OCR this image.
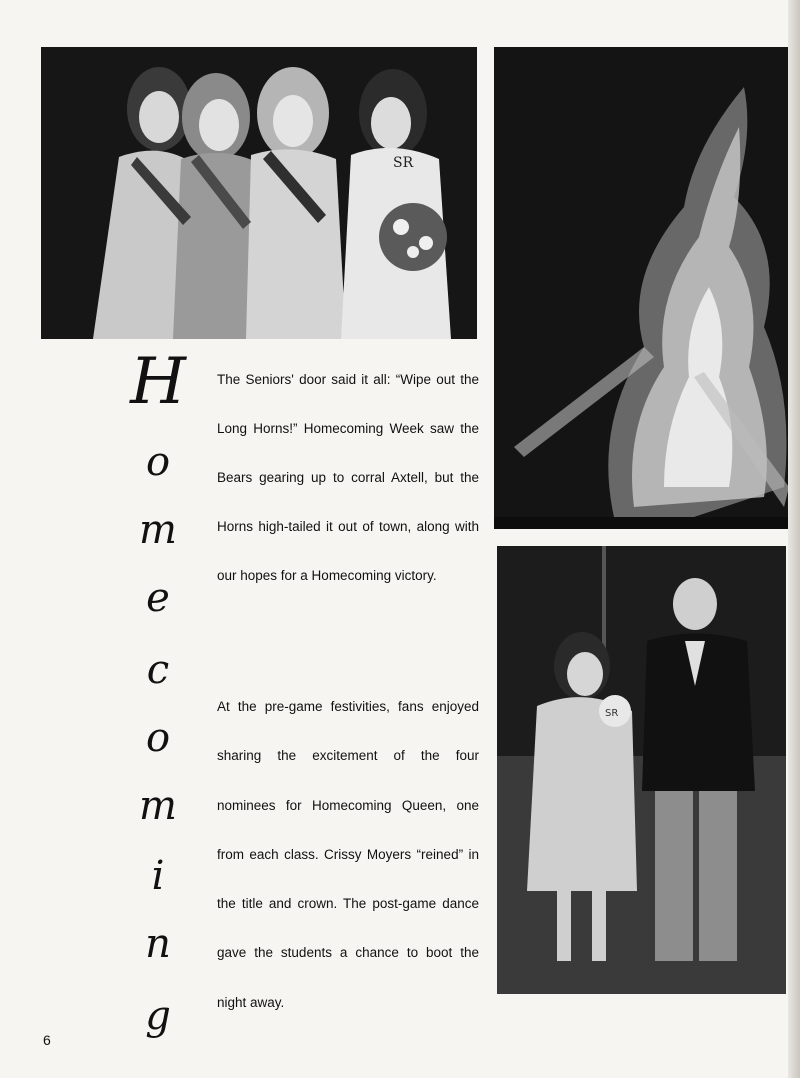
SR
SR
H
o
m
e
c
o
m
i
n
g

The Seniors' door said it all: “Wipe out the Long Horns!” Homecoming Week saw the Bears gearing up to corral Axtell, but the Horns high-tailed it out of town, along with our hopes for a Homecoming victory.

At the pre-game festivities, fans enjoyed sharing the excitement of the four nominees for Homecoming Queen, one from each class. Crissy Moyers “reined” in the title and crown. The post-game dance gave the students a chance to boot the night away.

6
